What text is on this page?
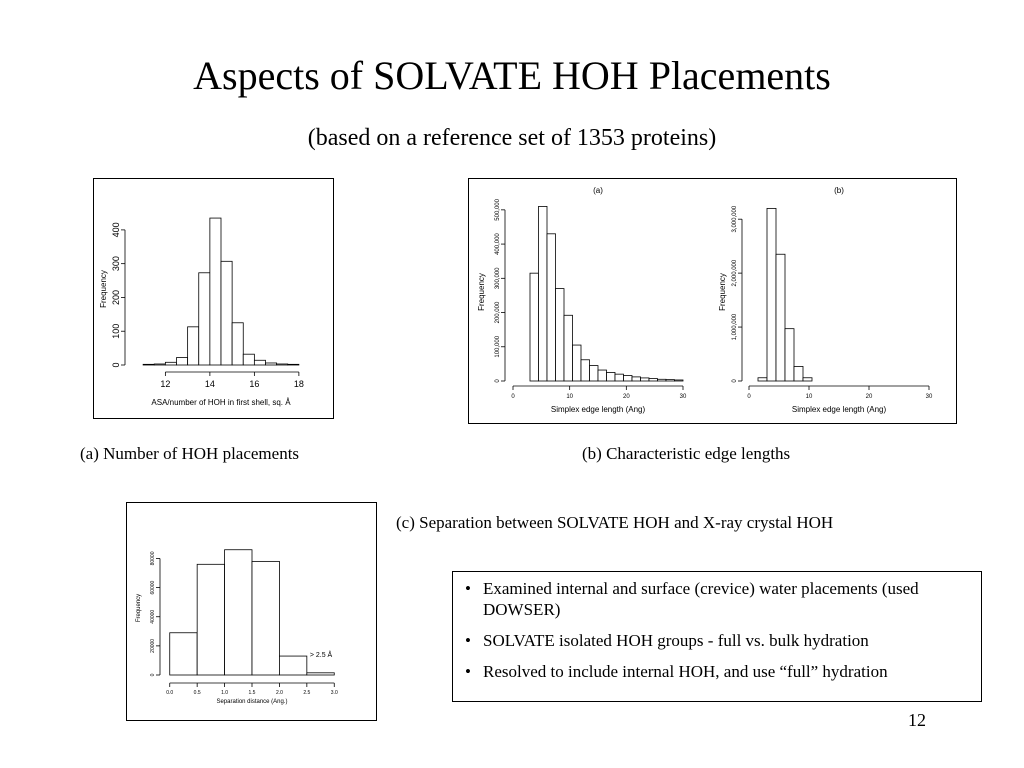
Aspects of SOLVATE HOH Placements
(based on a reference set of 1353 proteins)
12	14	16	18
0
100
200
300
400
ASA/number of HOH in first shell, sq. Å
Frequency
0	10	20	30
0
100,000
200,000
300,000
400,000
500,000
Simplex edge length (Ang)
Frequency
(a)
0	10	20	30
0
1,000,000
2,000,000
3,000,000
Simplex edge length (Ang)
Frequency
(b)
(a) Number of HOH placements	(b) Characteristic edge lengths
0.0	0.5	1.0	1.5	2.0	2.5	3.0
0
20000
40000
60000
80000
Separation distance (Ang.)
Frequency
> 2.5 Å
(c) Separation between SOLVATE HOH and X-ray crystal HOH
• Examined internal and surface (crevice) water placements (used DOWSER)
• SOLVATE isolated HOH groups - full vs. bulk hydration
• Resolved to include internal HOH, and use “full” hydration
12
